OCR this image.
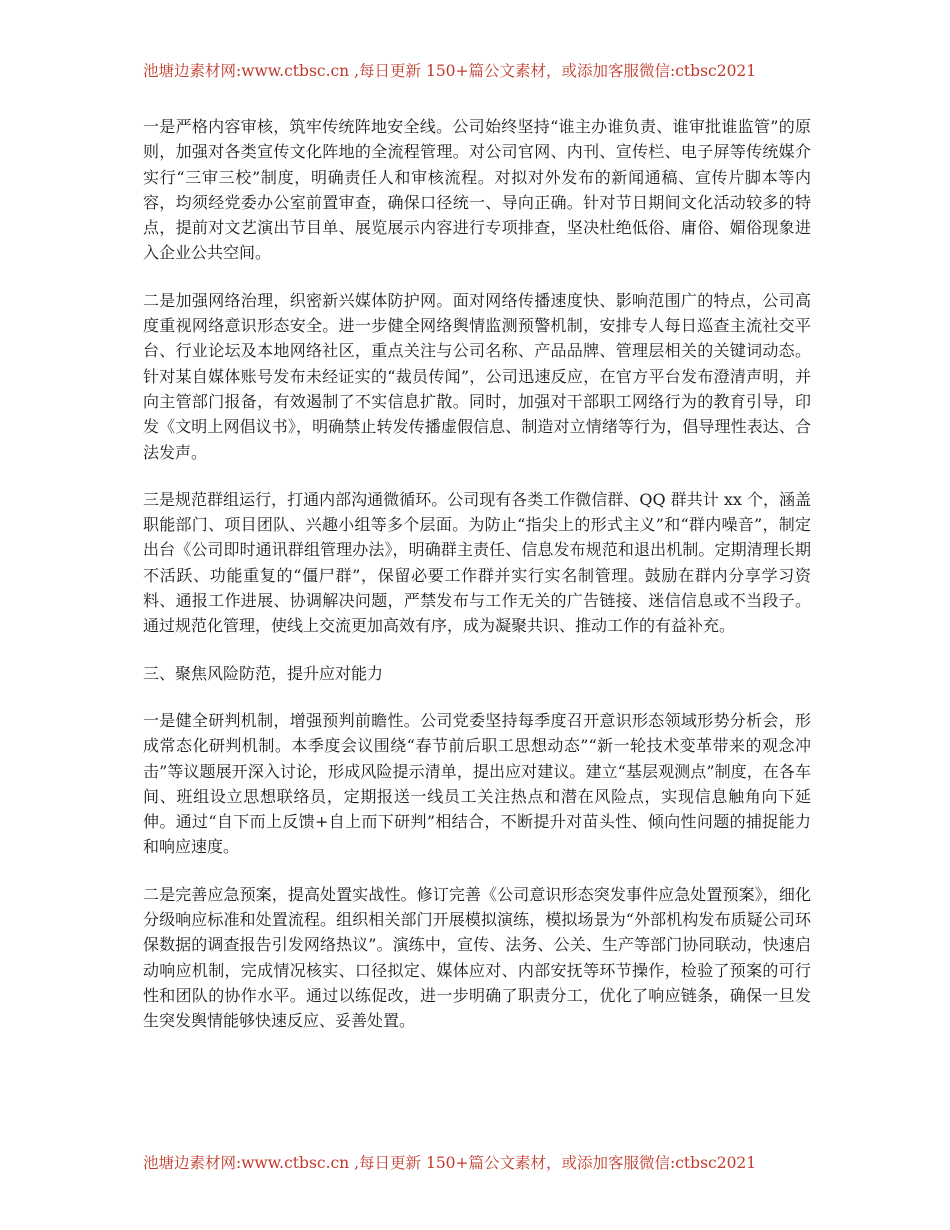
池塘边素材网:www.ctbsc.cn ,每日更新 150+篇公文素材，或添加客服微信:ctbsc2021

一是严格内容审核，筑牢传统阵地安全线。公司始终坚持“谁主办谁负责、谁审批谁监管”的原则，加强对各类宣传文化阵地的全流程管理。对公司官网、内刊、宣传栏、电子屏等传统媒介实行“三审三校”制度，明确责任人和审核流程。对拟对外发布的新闻通稿、宣传片脚本等内容，均须经党委办公室前置审查，确保口径统一、导向正确。针对节日期间文化活动较多的特点，提前对文艺演出节目单、展览展示内容进行专项排查，坚决杜绝低俗、庸俗、媚俗现象进入企业公共空间。

二是加强网络治理，织密新兴媒体防护网。面对网络传播速度快、影响范围广的特点，公司高度重视网络意识形态安全。进一步健全网络舆情监测预警机制，安排专人每日巡查主流社交平台、行业论坛及本地网络社区，重点关注与公司名称、产品品牌、管理层相关的关键词动态。针对某自媒体账号发布未经证实的“裁员传闻”，公司迅速反应，在官方平台发布澄清声明，并向主管部门报备，有效遏制了不实信息扩散。同时，加强对干部职工网络行为的教育引导，印发《文明上网倡议书》，明确禁止转发传播虚假信息、制造对立情绪等行为，倡导理性表达、合法发声。

三是规范群组运行，打通内部沟通微循环。公司现有各类工作微信群、QQ 群共计 xx 个，涵盖职能部门、项目团队、兴趣小组等多个层面。为防止“指尖上的形式主义”和“群内噪音”，制定出台《公司即时通讯群组管理办法》，明确群主责任、信息发布规范和退出机制。定期清理长期不活跃、功能重复的“僵尸群”，保留必要工作群并实行实名制管理。鼓励在群内分享学习资料、通报工作进展、协调解决问题，严禁发布与工作无关的广告链接、迷信信息或不当段子。通过规范化管理，使线上交流更加高效有序，成为凝聚共识、推动工作的有益补充。

三、聚焦风险防范，提升应对能力

一是健全研判机制，增强预判前瞻性。公司党委坚持每季度召开意识形态领域形势分析会，形成常态化研判机制。本季度会议围绕“春节前后职工思想动态”“新一轮技术变革带来的观念冲击”等议题展开深入讨论，形成风险提示清单，提出应对建议。建立“基层观测点”制度，在各车间、班组设立思想联络员，定期报送一线员工关注热点和潜在风险点，实现信息触角向下延伸。通过“自下而上反馈+自上而下研判”相结合，不断提升对苗头性、倾向性问题的捕捉能力和响应速度。

二是完善应急预案，提高处置实战性。修订完善《公司意识形态突发事件应急处置预案》，细化分级响应标准和处置流程。组织相关部门开展模拟演练，模拟场景为“外部机构发布质疑公司环保数据的调查报告引发网络热议”。演练中，宣传、法务、公关、生产等部门协同联动，快速启动响应机制，完成情况核实、口径拟定、媒体应对、内部安抚等环节操作，检验了预案的可行性和团队的协作水平。通过以练促改，进一步明确了职责分工，优化了响应链条，确保一旦发生突发舆情能够快速反应、妥善处置。

池塘边素材网:www.ctbsc.cn ,每日更新 150+篇公文素材，或添加客服微信:ctbsc2021
